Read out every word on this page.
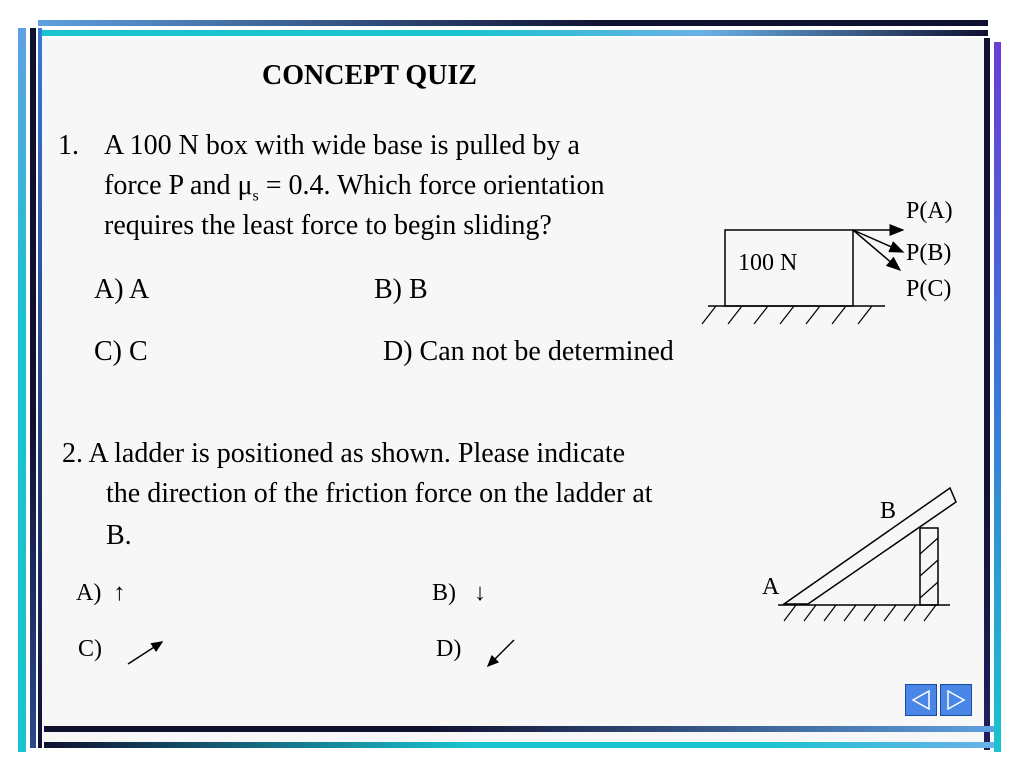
CONCEPT QUIZ
1. A 100 N box with wide base is pulled by a
force P and $\mu_s = 0.4$. Which force orientation
requires the least force to begin sliding?
A) A	B) B
C) C	D) Can not be determined
100 N
P(A)
P(B)
P(C)
2. A ladder is positioned as shown. Please indicate
the direction of the friction force on the ladder at
B.
A) ↑	B) ↓
C)	D)
B
A
